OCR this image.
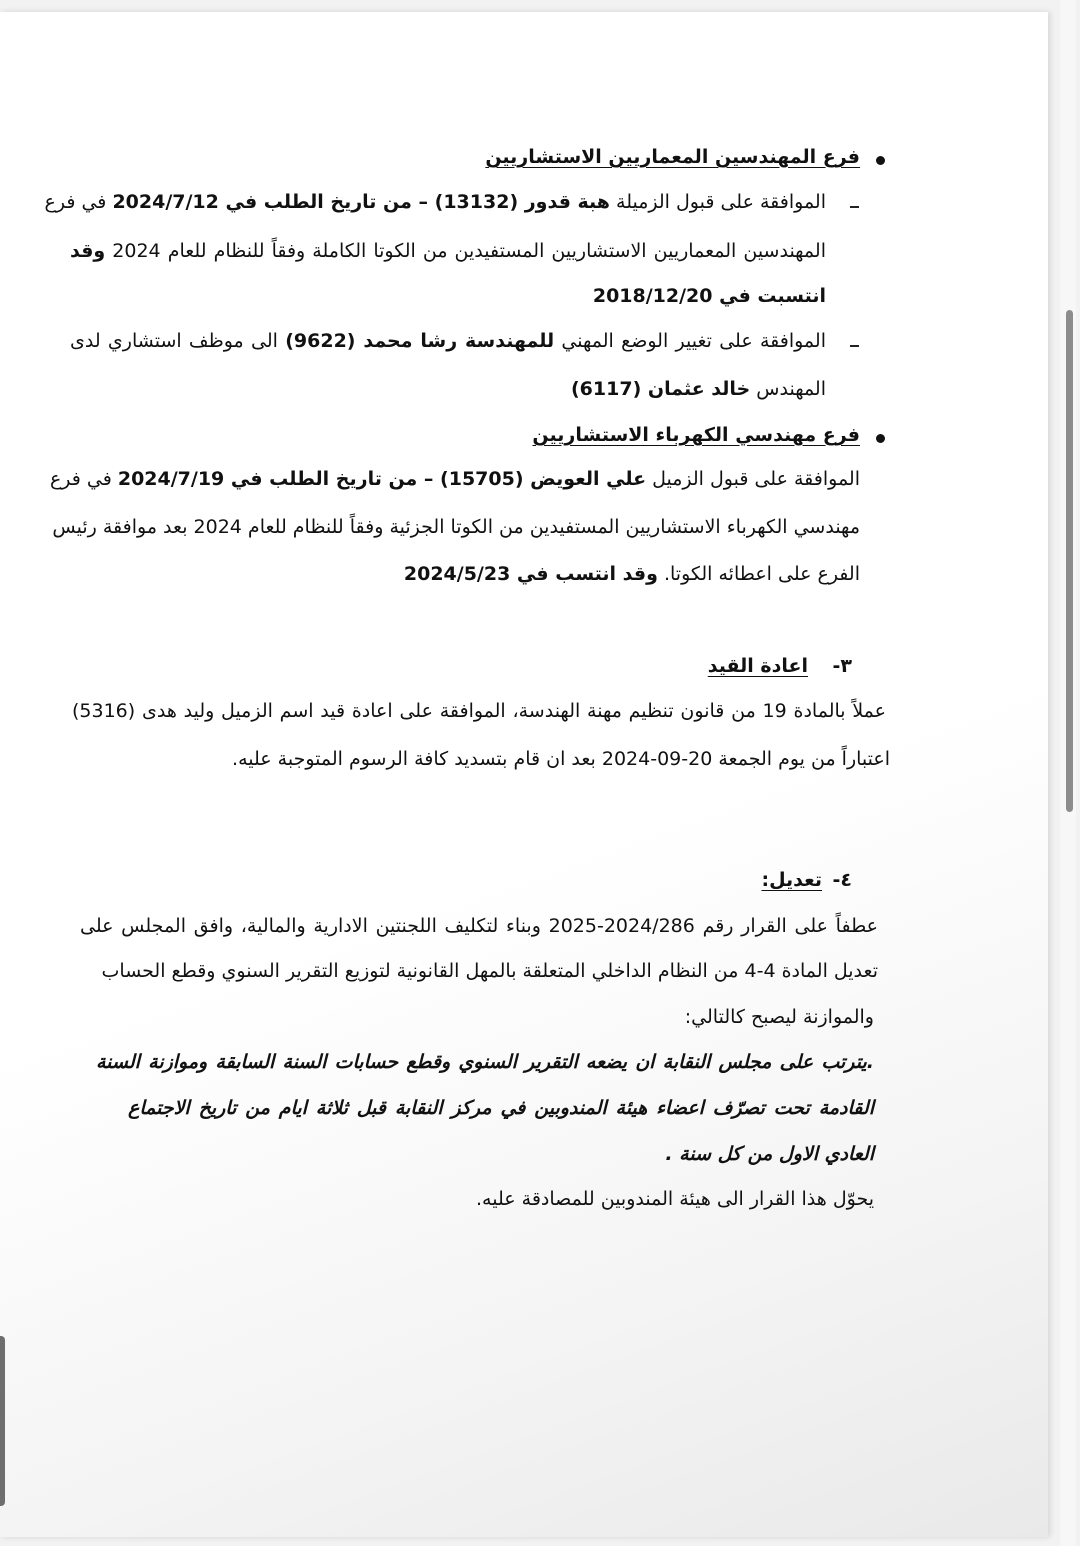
فرع المهندسين المعماريين الاستشاريين
الموافقة على قبول الزميلة هبة قدور (13132) – من تاريخ الطلب في 2024/7/12 في فرع
المهندسين المعماريين الاستشاريين المستفيدين من الكوتا الكاملة وفقاً للنظام للعام 2024 وقد
انتسبت في 2018/12/20
الموافقة على تغيير الوضع المهني للمهندسة رشا محمد (9622) الى موظف استشاري لدى
المهندس خالد عثمان (6117)
فرع مهندسي الكهرباء الاستشاريين
الموافقة على قبول الزميل علي العويض (15705) – من تاريخ الطلب في 2024/7/19 في فرع
مهندسي الكهرباء الاستشاريين المستفيدين من الكوتا الجزئية وفقاً للنظام للعام 2024 بعد موافقة رئيس
الفرع على اعطائه الكوتا. وقد انتسب في 2024/5/23
٣-
اعادة القيد
عملاً بالمادة 19 من قانون تنظيم مهنة الهندسة، الموافقة على اعادة قيد اسم الزميل وليد هدى (5316)
اعتباراً من يوم الجمعة 20-09-2024 بعد ان قام بتسديد كافة الرسوم المتوجبة عليه.
٤-
تعديل:
عطفاً على القرار رقم 2024/286-2025 وبناء لتكليف اللجنتين الادارية والمالية، وافق المجلس على
تعديل المادة 4-4 من النظام الداخلي المتعلقة بالمهل القانونية لتوزيع التقرير السنوي وقطع الحساب
والموازنة ليصبح كالتالي:
.يترتب على مجلس النقابة ان يضعه التقرير السنوي وقطع حسابات السنة السابقة وموازنة السنة
القادمة تحت تصرّف اعضاء هيئة المندوبين في مركز النقابة قبل ثلاثة ايام من تاريخ الاجتماع
العادي الاول من كل سنة .
يحوّل هذا القرار الى هيئة المندوبين للمصادقة عليه.
